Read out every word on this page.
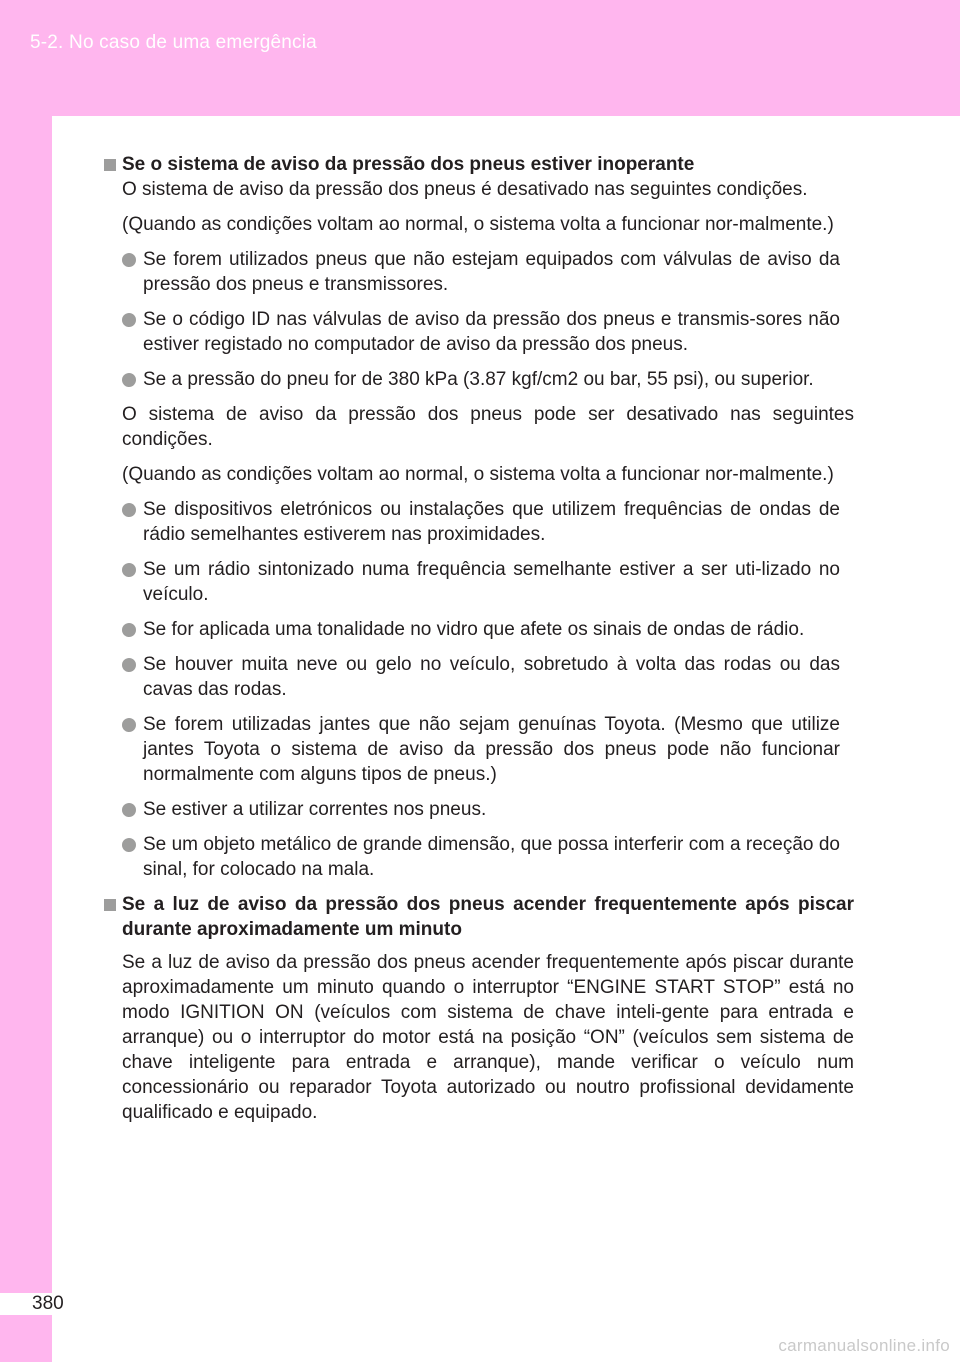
5-2. No caso de uma emergência
380
Se o sistema de aviso da pressão dos pneus estiver inoperante

O sistema de aviso da pressão dos pneus é desativado nas seguintes condições.

(Quando as condições voltam ao normal, o sistema volta a funcionar nor-malmente.)

Se forem utilizados pneus que não estejam equipados com válvulas de aviso da pressão dos pneus e transmissores.
Se o código ID nas válvulas de aviso da pressão dos pneus e transmis-sores não estiver registado no computador de aviso da pressão dos pneus.
Se a pressão do pneu for de 380 kPa (3.87 kgf/cm2 ou bar, 55 psi), ou superior.

O sistema de aviso da pressão dos pneus pode ser desativado nas seguintes condições.

(Quando as condições voltam ao normal, o sistema volta a funcionar nor-malmente.)

Se dispositivos eletrónicos ou instalações que utilizem frequências de ondas de rádio semelhantes estiverem nas proximidades.
Se um rádio sintonizado numa frequência semelhante estiver a ser uti-lizado no veículo.
Se for aplicada uma tonalidade no vidro que afete os sinais de ondas de rádio.
Se houver muita neve ou gelo no veículo, sobretudo à volta das rodas ou das cavas das rodas.
Se forem utilizadas jantes que não sejam genuínas Toyota. (Mesmo que utilize jantes Toyota o sistema de aviso da pressão dos pneus pode não funcionar normalmente com alguns tipos de pneus.)
Se estiver a utilizar correntes nos pneus.
Se um objeto metálico de grande dimensão, que possa interferir com a receção do sinal, for colocado na mala.
Se a luz de aviso da pressão dos pneus acender frequentemente após piscar durante aproximadamente um minuto

Se a luz de aviso da pressão dos pneus acender frequentemente após piscar durante aproximadamente um minuto quando o interruptor “ENGINE START STOP” está no modo IGNITION ON (veículos com sistema de chave inteli-gente para entrada e arranque) ou o interruptor do motor está na posição “ON” (veículos sem sistema de chave inteligente para entrada e arranque), mande verificar o veículo num concessionário ou reparador Toyota autorizado ou noutro profissional devidamente qualificado e equipado.

carmanualsonline.info
